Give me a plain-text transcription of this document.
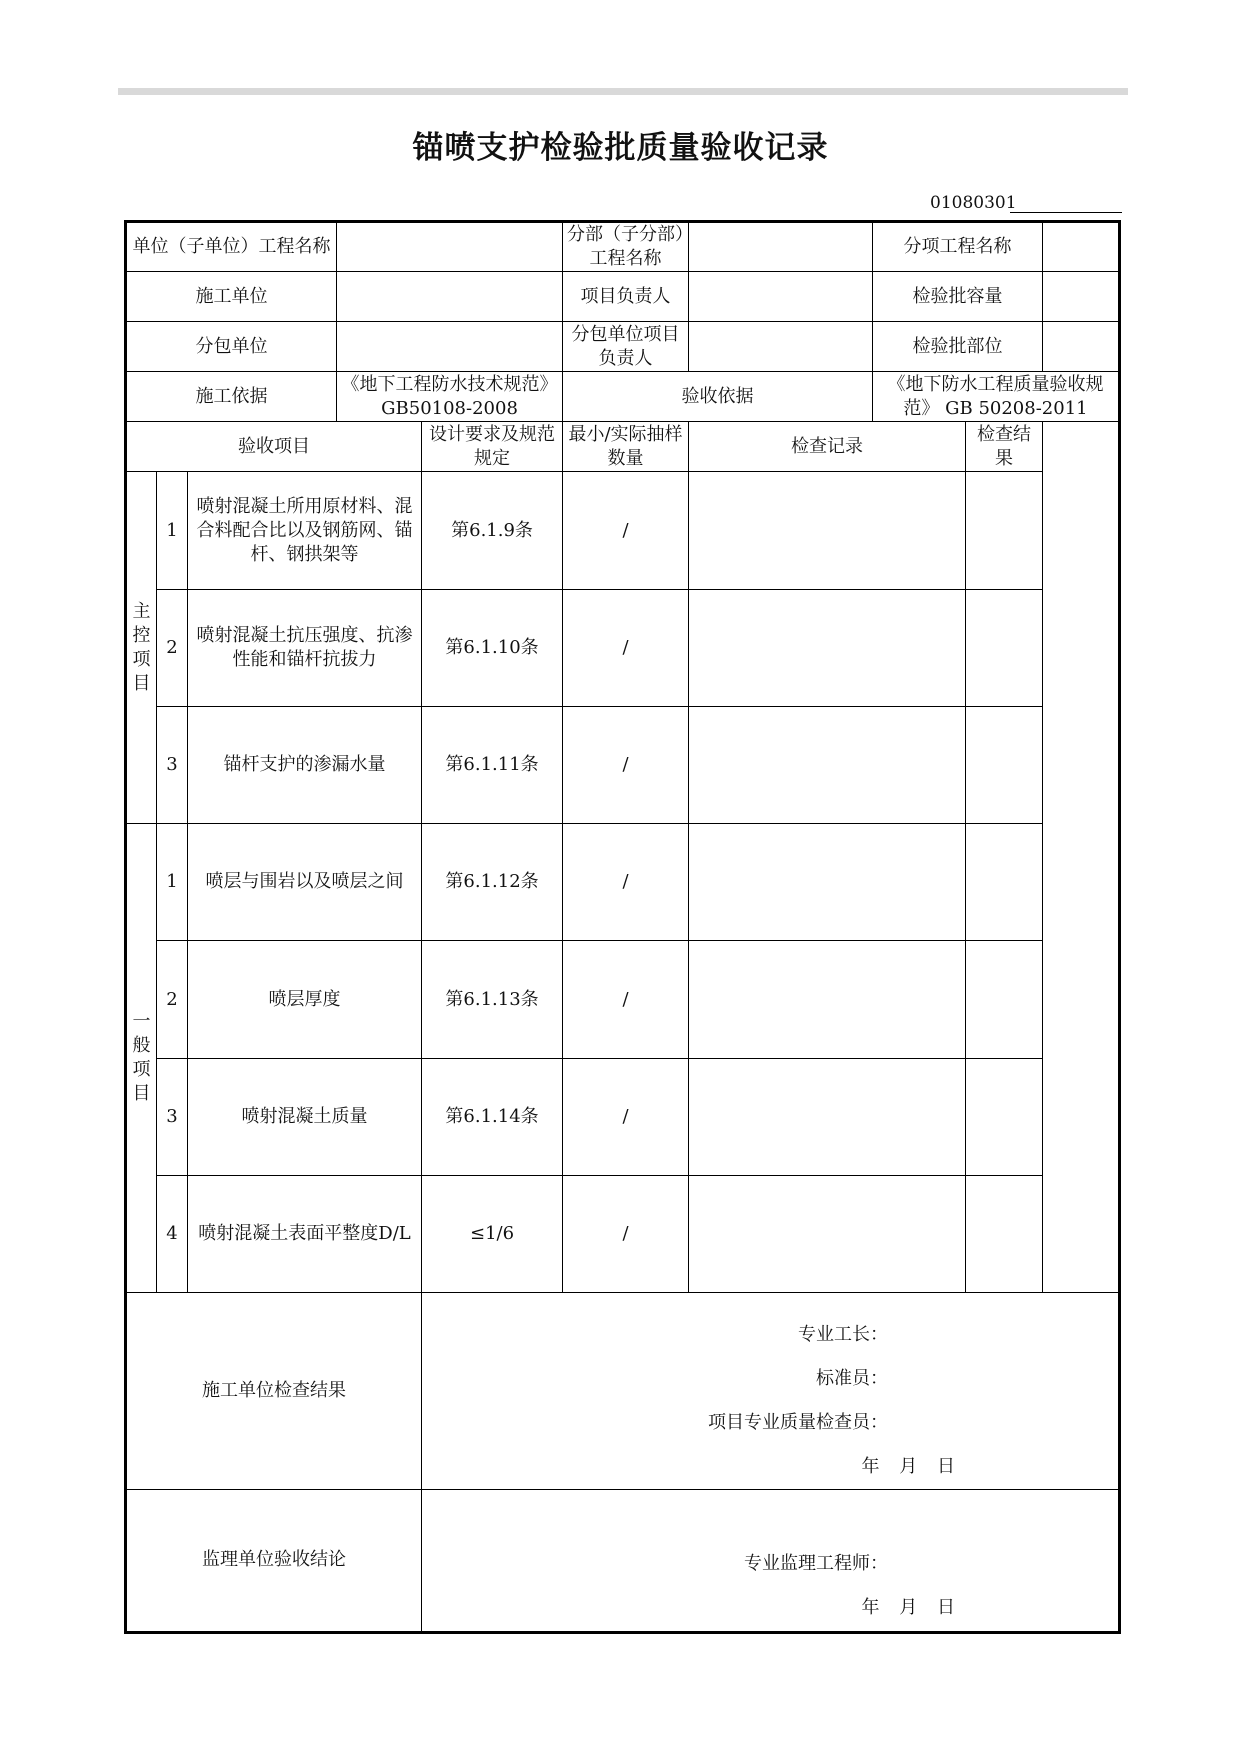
锚喷支护检验批质量验收记录
01080301
单位（子单位）工程名称					分部（子分部）工程名称		分项工程名称		
施工单位					项目负责人		检验批容量		
分包单位					分包单位项目负责人		检验批部位		
施工依据			《地下工程防水技术规范》GB50108-2008		验收依据		《地下防水工程质量验收规范》 GB 50208-2011		
验收项目				设计要求及规范规定	最小/实际抽样数量	检查记录		检查结果	
主控项目	1	喷射混凝土所用原材料、混合料配合比以及钢筋网、锚杆、钢拱架等		第6.1.9条	/				
	2	喷射混凝土抗压强度、抗渗性能和锚杆抗拔力		第6.1.10条	/				
	3	锚杆支护的渗漏水量		第6.1.11条	/				
一般项目	1	喷层与围岩以及喷层之间		第6.1.12条	/				
	2	喷层厚度		第6.1.13条	/				
	3	喷射混凝土质量		第6.1.14条	/				
	4	喷射混凝土表面平整度D/L		≤1/6	/				
施工单位检查结果				专业工长：
标准员：
项目专业质量检查员：
年 月 日					

监理单位验收结论				专业监理工程师：
年 月 日					
